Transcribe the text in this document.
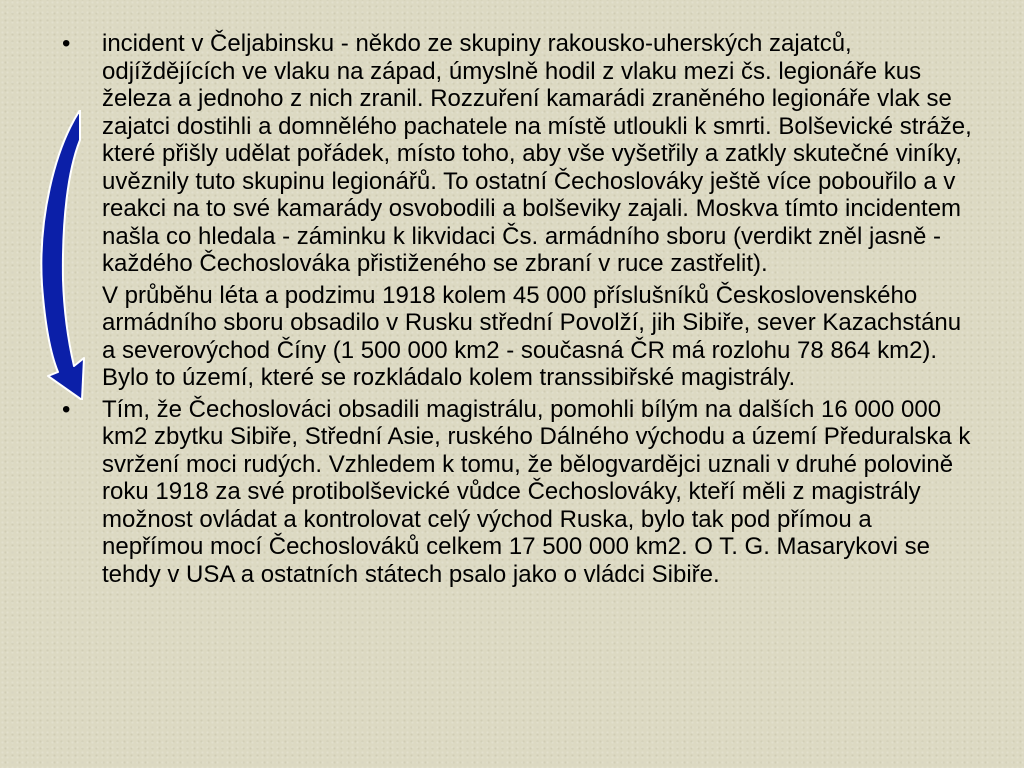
• incident v Čeljabinsku - někdo ze skupiny rakousko-uherských zajatců, odjíždějících ve vlaku na západ, úmyslně hodil z vlaku mezi čs. legionáře kus železa a jednoho z nich zranil. Rozzuření kamarádi zraněného legionáře vlak se zajatci dostihli a domnělého pachatele na místě utloukli k smrti. Bolševické stráže, které přišly udělat pořádek, místo toho, aby vše vyšetřily a zatkly skutečné viníky, uvěznily tuto skupinu legionářů. To ostatní Čechoslováky ještě více pobouřilo a v reakci na to své kamarády osvobodili a bolševiky zajali. Moskva tímto incidentem našla co hledala - záminku k likvidaci Čs. armádního sboru (verdikt zněl jasně - každého Čechoslováka přistiženého se zbraní v ruce zastřelit).
V průběhu léta a podzimu 1918 kolem 45 000 příslušníků Československého armádního sboru obsadilo v Rusku střední Povolží, jih Sibiře, sever Kazachstánu a severovýchod Číny (1 500 000 km2 - současná ČR má rozlohu 78 864 km2). Bylo to území, které se rozkládalo kolem transsibiřské magistrály.
• Tím, že Čechoslováci obsadili magistrálu, pomohli bílým na dalších 16 000 000 km2 zbytku Sibiře, Střední Asie, ruského Dálného východu a území Předuralska k svržení moci rudých. Vzhledem k tomu, že bělogvardějci uznali v druhé polovině roku 1918 za své protibolševické vůdce Čechoslováky, kteří měli z magistrály možnost ovládat a kontrolovat celý východ Ruska, bylo tak pod přímou a nepřímou mocí Čechoslováků celkem 17 500 000 km2. O T. G. Masarykovi se tehdy v USA a ostatních státech psalo jako o vládci Sibiře.
